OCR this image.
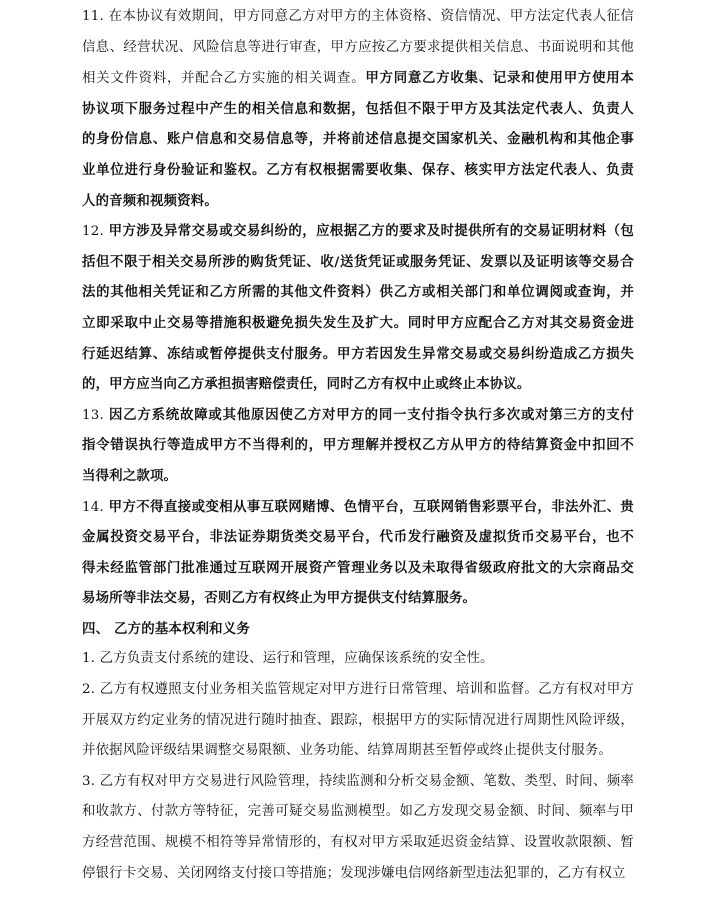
11. 在本协议有效期间，甲方同意乙方对甲方的主体资格、资信情况、甲方法定代表人征信
信息、经营状况、风险信息等进行审查，甲方应按乙方要求提供相关信息、书面说明和其他
相关文件资料，并配合乙方实施的相关调查。甲方同意乙方收集、记录和使用甲方使用本
协议项下服务过程中产生的相关信息和数据，包括但不限于甲方及其法定代表人、负责人
的身份信息、账户信息和交易信息等，并将前述信息提交国家机关、金融机构和其他企事
业单位进行身份验证和鉴权。乙方有权根据需要收集、保存、核实甲方法定代表人、负责
人的音频和视频资料。
12. 甲方涉及异常交易或交易纠纷的，应根据乙方的要求及时提供所有的交易证明材料（包
括但不限于相关交易所涉的购货凭证、收/送货凭证或服务凭证、发票以及证明该等交易合
法的其他相关凭证和乙方所需的其他文件资料）供乙方或相关部门和单位调阅或查询，并
立即采取中止交易等措施积极避免损失发生及扩大。同时甲方应配合乙方对其交易资金进
行延迟结算、冻结或暂停提供支付服务。甲方若因发生异常交易或交易纠纷造成乙方损失
的，甲方应当向乙方承担损害赔偿责任，同时乙方有权中止或终止本协议。
13. 因乙方系统故障或其他原因使乙方对甲方的同一支付指令执行多次或对第三方的支付
指令错误执行等造成甲方不当得利的，甲方理解并授权乙方从甲方的待结算资金中扣回不
当得利之款项。
14. 甲方不得直接或变相从事互联网赌博、色情平台，互联网销售彩票平台，非法外汇、贵
金属投资交易平台，非法证券期货类交易平台，代币发行融资及虚拟货币交易平台，也不
得未经监管部门批准通过互联网开展资产管理业务以及未取得省级政府批文的大宗商品交
易场所等非法交易，否则乙方有权终止为甲方提供支付结算服务。
四、 乙方的基本权利和义务
1. 乙方负责支付系统的建设、运行和管理，应确保该系统的安全性。
2. 乙方有权遵照支付业务相关监管规定对甲方进行日常管理、培训和监督。乙方有权对甲方
开展双方约定业务的情况进行随时抽查、跟踪，根据甲方的实际情况进行周期性风险评级，
并依据风险评级结果调整交易限额、业务功能、结算周期甚至暂停或终止提供支付服务。
3. 乙方有权对甲方交易进行风险管理，持续监测和分析交易金额、笔数、类型、时间、频率
和收款方、付款方等特征，完善可疑交易监测模型。如乙方发现交易金额、时间、频率与甲
方经营范围、规模不相符等异常情形的，有权对甲方采取延迟资金结算、设置收款限额、暂
停银行卡交易、关闭网络支付接口等措施；发现涉嫌电信网络新型违法犯罪的，乙方有权立
